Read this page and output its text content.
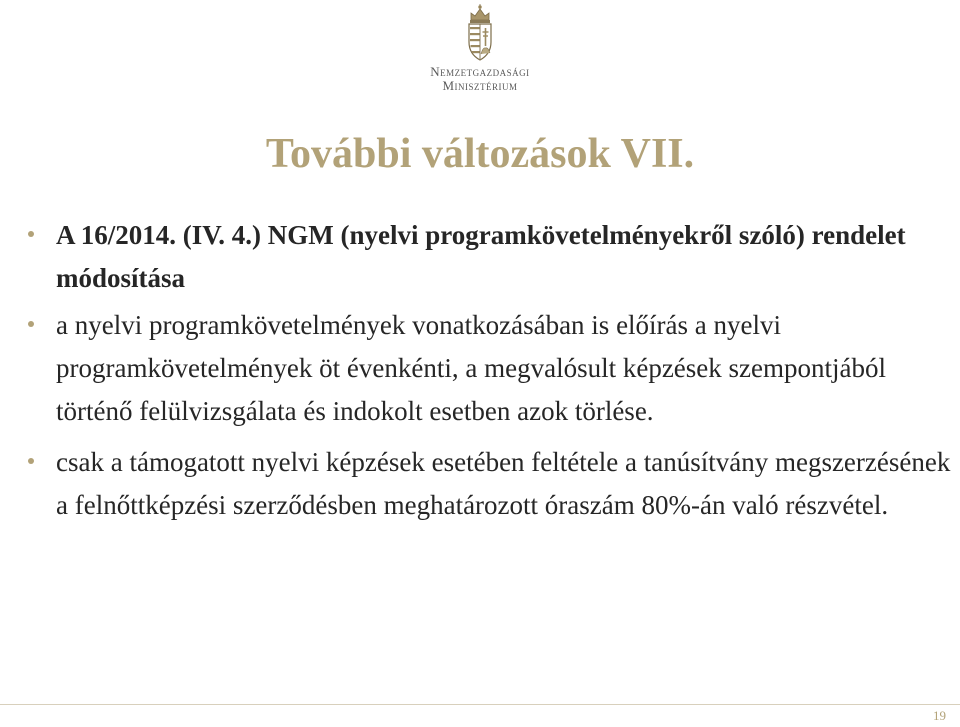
Nemzetgazdasági
Minisztérium
További változások VII.
A 16/2014. (IV. 4.) NGM (nyelvi programkövetelményekről szóló) rendelet módosítása
a nyelvi programkövetelmények vonatkozásában is előírás a nyelvi programkövetelmények öt évenkénti, a megvalósult képzések szempontjából történő felülvizsgálata és indokolt esetben azok törlése.
csak a támogatott nyelvi képzések esetében feltétele a tanúsítvány megszerzésének a felnőttképzési szerződésben meghatározott óraszám 80%-án való részvétel.
19
